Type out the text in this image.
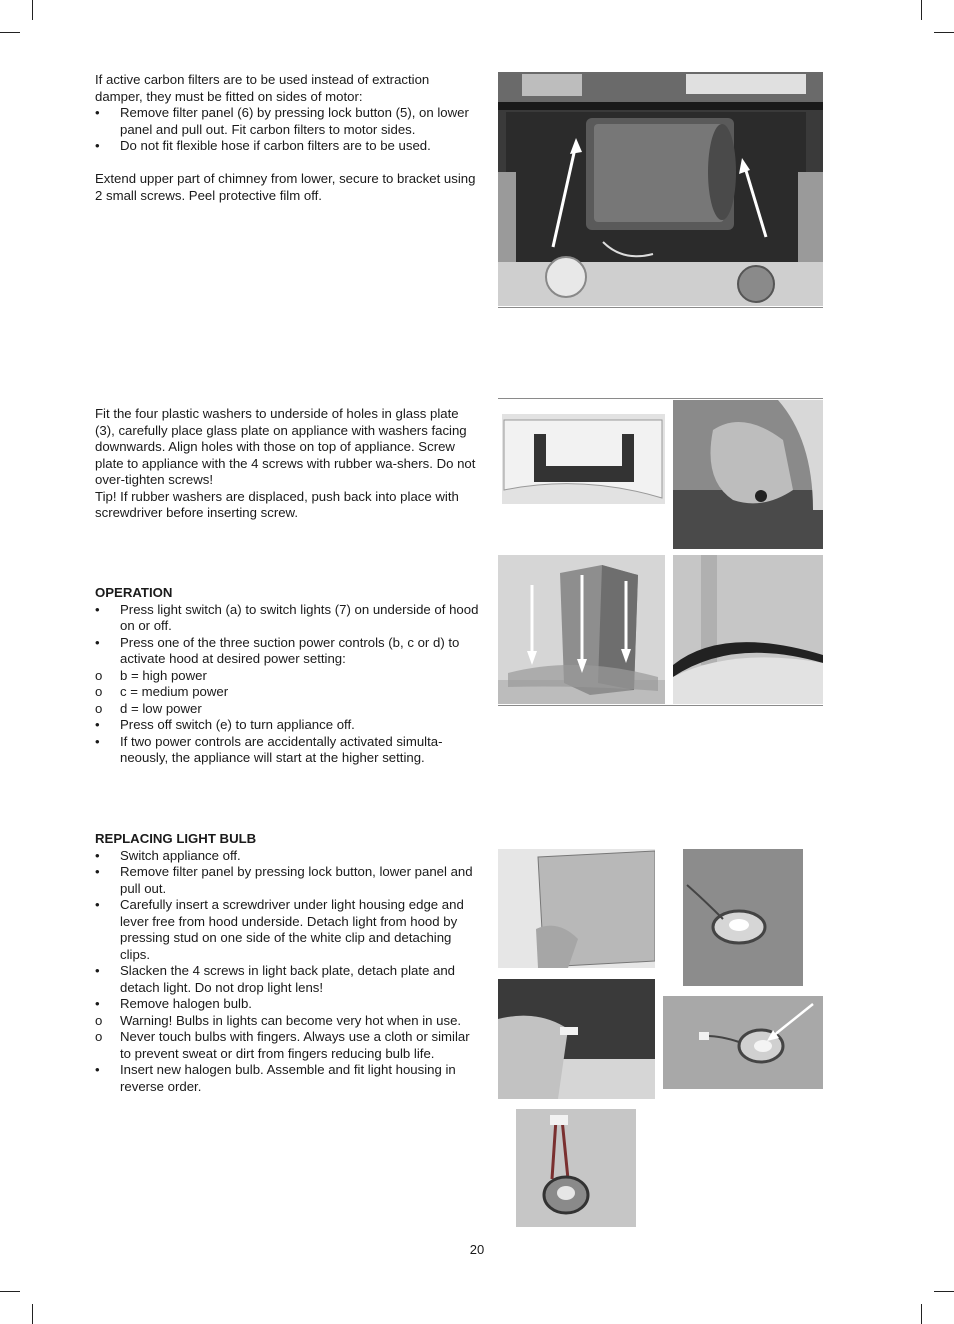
If active carbon filters are to be used instead of extraction damper, they must be fitted on sides of motor:

•	Remove filter panel (6) by pressing lock button (5), on lower panel and pull out. Fit carbon filters to motor sides.
•	Do not fit flexible hose if carbon filters are to be used.

Extend upper part of chimney from lower, secure to bracket using 2 small screws. Peel protective film off.

Fit the four plastic washers to underside of holes in glass plate (3), carefully place glass plate on appliance with washers facing downwards. Align holes with those on top of appliance. Screw plate to appliance with the 4 screws with rubber wa-shers. Do not over-tighten screws!

Tip! If rubber washers are displaced, push back into place with screwdriver before inserting screw.

OPERATION

•	Press light switch (a) to switch lights (7) on underside of hood on or off.
•	Press one of the three suction power controls (b, c or d) to activate hood at desired power setting:
o	b = high power
o	c = medium power
o	d = low power
•	Press off switch (e) to turn appliance off.
•	If two power controls are accidentally activated simulta-neously, the appliance will start at the higher setting.

REPLACING LIGHT BULB

•	Switch appliance off.
•	Remove filter panel by pressing lock button, lower panel and pull out.
•	Carefully insert a screwdriver under light housing edge and lever free from hood underside. Detach light from hood by pressing stud on one side of the white clip and detaching clips.
•	Slacken the 4 screws in light back plate, detach plate and detach light. Do not drop light lens!
•	Remove halogen bulb.
o	Warning! Bulbs in lights can become very hot when in use.
o	Never touch bulbs with fingers. Always use a cloth or similar to prevent sweat or dirt from fingers reducing bulb life.
•	Insert new halogen bulb. Assemble and fit light housing in reverse order.
20
